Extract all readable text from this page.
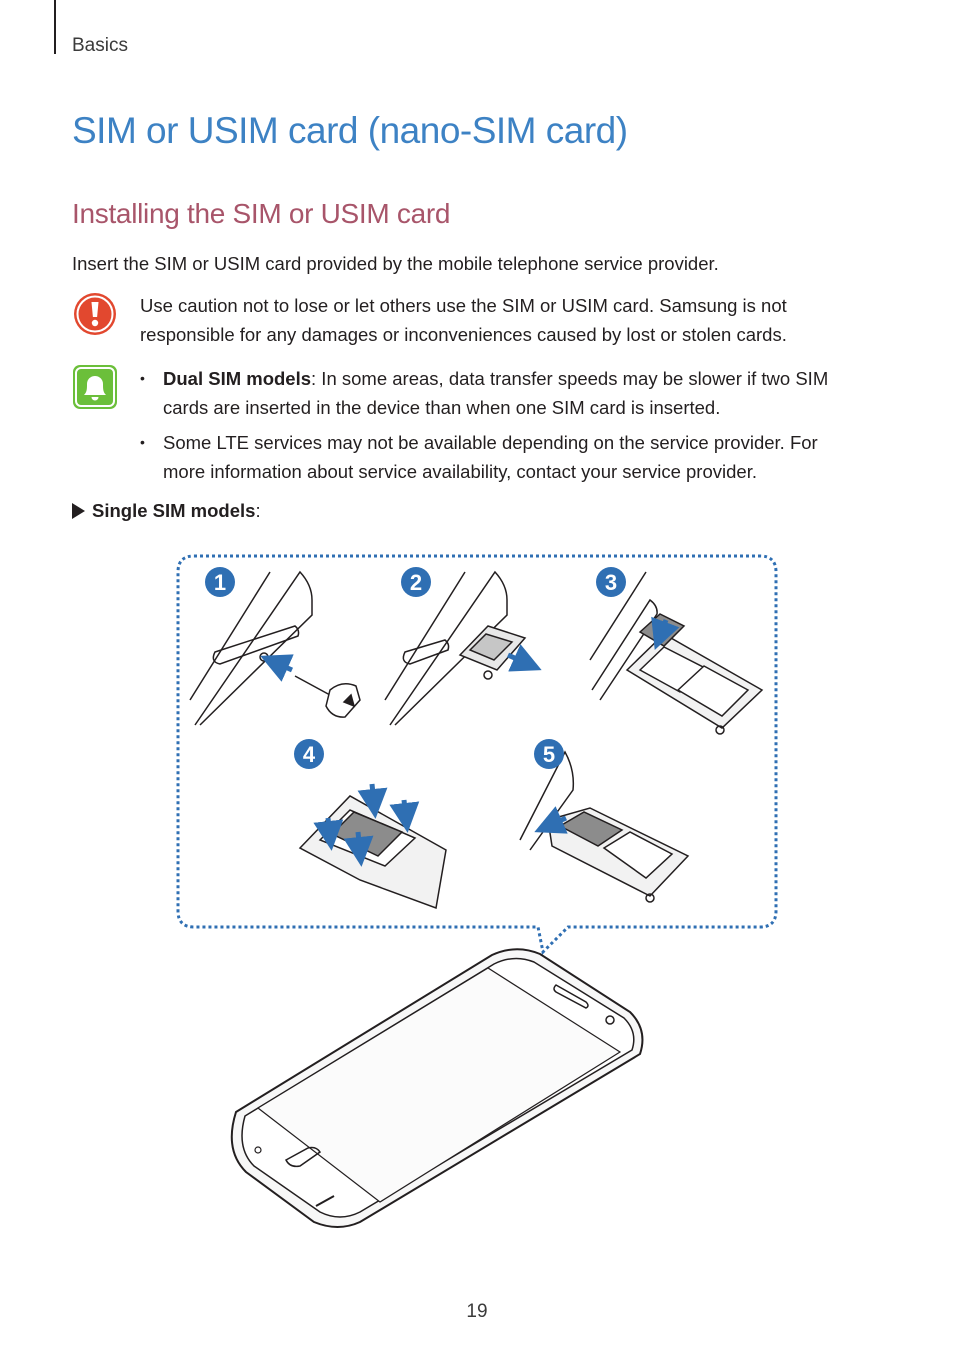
Basics
SIM or USIM card (nano-SIM card)
Installing the SIM or USIM card

Insert the SIM or USIM card provided by the mobile telephone service provider.

Use caution not to lose or let others use the SIM or USIM card. Samsung is not responsible for any damages or inconveniences caused by lost or stolen cards.

• Dual SIM models: In some areas, data transfer speeds may be slower if two SIM cards are inserted in the device than when one SIM card is inserted.
• Some LTE services may not be available depending on the service provider. For more information about service availability, contact your service provider.
Single SIM models:
1	2	3
4	5
19
